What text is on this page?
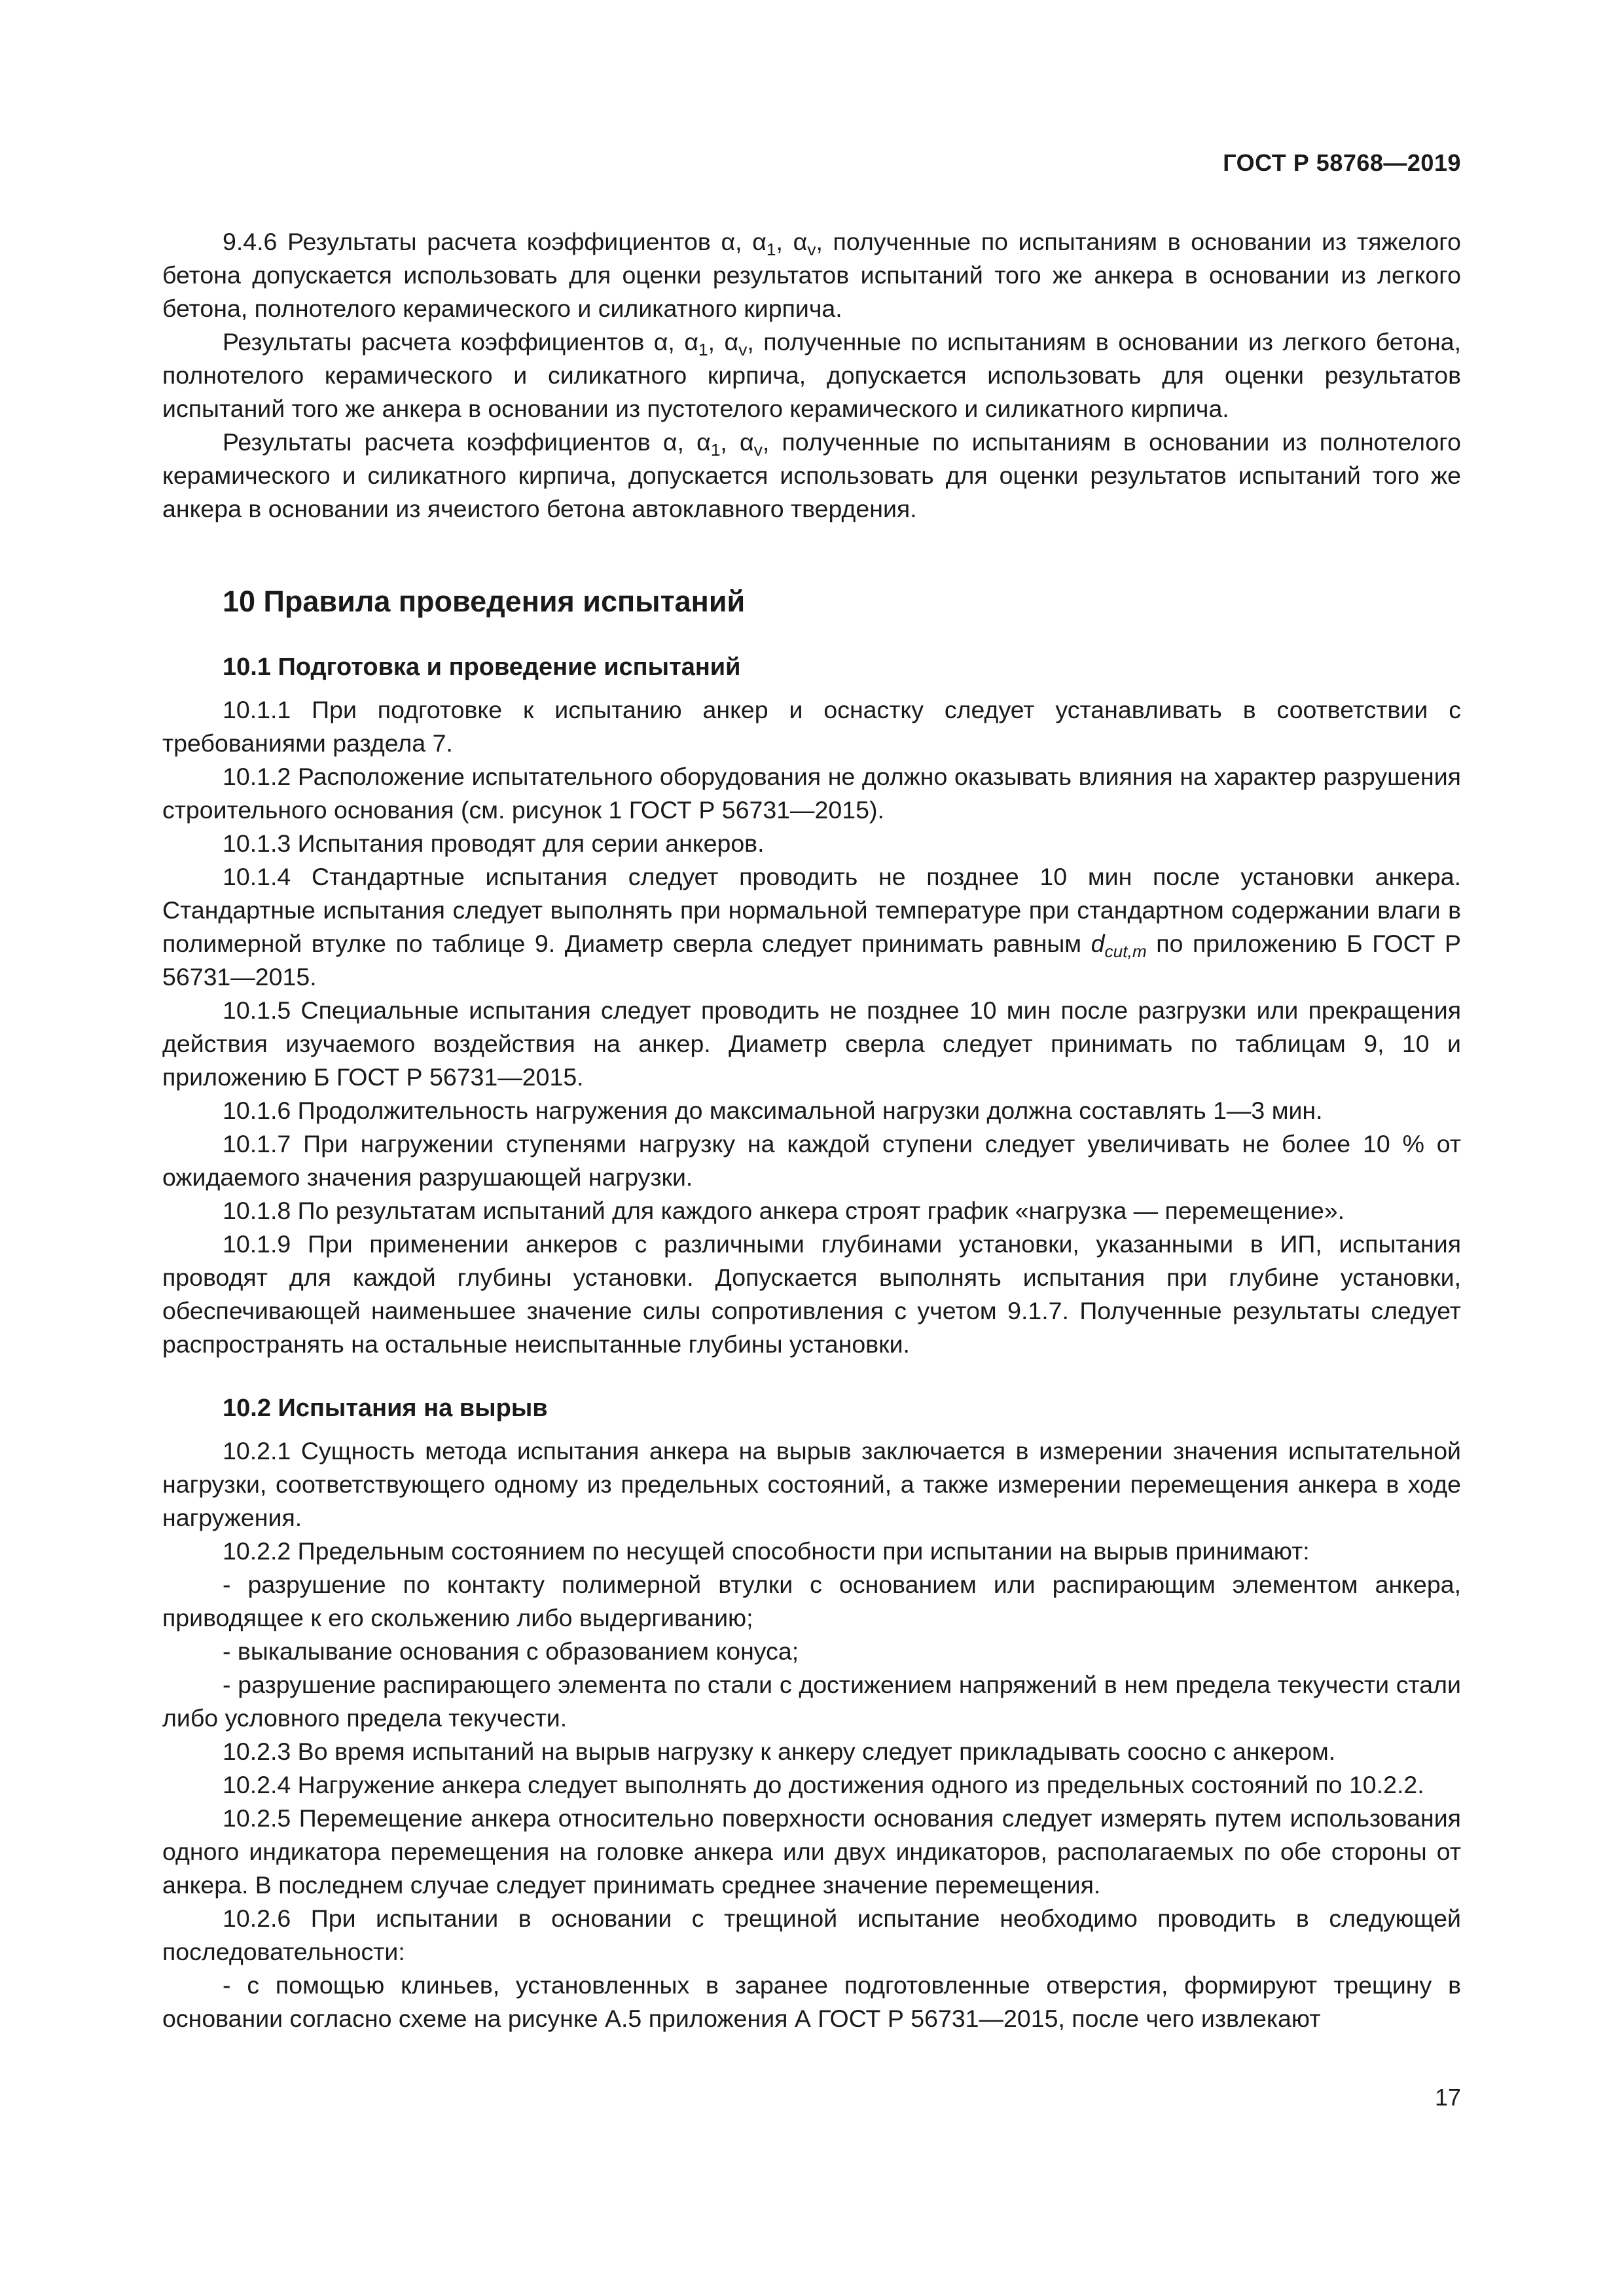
ГОСТ Р 58768—2019

9.4.6 Результаты расчета коэффициентов α, $\alpha_1$, $\alpha_v$, полученные по испытаниям в основании из тяжелого бетона допускается использовать для оценки результатов испытаний того же анкера в основании из легкого бетона, полнотелого керамического и силикатного кирпича.

Результаты расчета коэффициентов α, $\alpha_1$, $\alpha_v$, полученные по испытаниям в основании из легкого бетона, полнотелого керамического и силикатного кирпича, допускается использовать для оценки результатов испытаний того же анкера в основании из пустотелого керамического и силикатного кирпича.

Результаты расчета коэффициентов α, $\alpha_1$, $\alpha_v$, полученные по испытаниям в основании из полнотелого керамического и силикатного кирпича, допускается использовать для оценки результатов испытаний того же анкера в основании из ячеистого бетона автоклавного твердения.

10 Правила проведения испытаний
10.1 Подготовка и проведение испытаний

10.1.1 При подготовке к испытанию анкер и оснастку следует устанавливать в соответствии с требованиями раздела 7.

10.1.2 Расположение испытательного оборудования не должно оказывать влияния на характер разрушения строительного основания (см. рисунок 1 ГОСТ Р 56731—2015).

10.1.3 Испытания проводят для серии анкеров.

10.1.4 Стандартные испытания следует проводить не позднее 10 мин после установки анкера. Стандартные испытания следует выполнять при нормальной температуре при стандартном содержании влаги в полимерной втулке по таблице 9. Диаметр сверла следует принимать равным $d_{cut,m}$ по приложению Б ГОСТ Р 56731—2015.

10.1.5 Специальные испытания следует проводить не позднее 10 мин после разгрузки или прекращения действия изучаемого воздействия на анкер. Диаметр сверла следует принимать по таблицам 9, 10 и приложению Б ГОСТ Р 56731—2015.

10.1.6 Продолжительность нагружения до максимальной нагрузки должна составлять 1—3 мин.

10.1.7 При нагружении ступенями нагрузку на каждой ступени следует увеличивать не более 10 % от ожидаемого значения разрушающей нагрузки.

10.1.8 По результатам испытаний для каждого анкера строят график «нагрузка — перемещение».

10.1.9 При применении анкеров с различными глубинами установки, указанными в ИП, испытания проводят для каждой глубины установки. Допускается выполнять испытания при глубине установки, обеспечивающей наименьшее значение силы сопротивления с учетом 9.1.7. Полученные результаты следует распространять на остальные неиспытанные глубины установки.

10.2 Испытания на вырыв

10.2.1 Сущность метода испытания анкера на вырыв заключается в измерении значения испытательной нагрузки, соответствующего одному из предельных состояний, а также измерении перемещения анкера в ходе нагружения.

10.2.2 Предельным состоянием по несущей способности при испытании на вырыв принимают:

- разрушение по контакту полимерной втулки с основанием или распирающим элементом анкера, приводящее к его скольжению либо выдергиванию;

- выкалывание основания с образованием конуса;

- разрушение распирающего элемента по стали с достижением напряжений в нем предела текучести стали либо условного предела текучести.

10.2.3 Во время испытаний на вырыв нагрузку к анкеру следует прикладывать соосно с анкером.

10.2.4 Нагружение анкера следует выполнять до достижения одного из предельных состояний по 10.2.2.

10.2.5 Перемещение анкера относительно поверхности основания следует измерять путем использования одного индикатора перемещения на головке анкера или двух индикаторов, располагаемых по обе стороны от анкера. В последнем случае следует принимать среднее значение перемещения.

10.2.6 При испытании в основании с трещиной испытание необходимо проводить в следующей последовательности:

- с помощью клиньев, установленных в заранее подготовленные отверстия, формируют трещину в основании согласно схеме на рисунке А.5 приложения А ГОСТ Р 56731—2015, после чего извлекают

17
